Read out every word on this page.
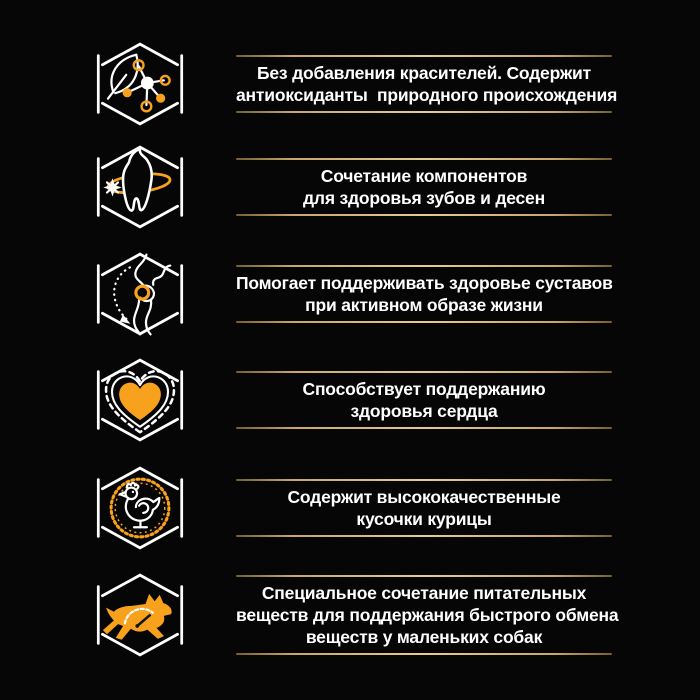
Без добавления красителей. Содержит
антиоксиданты  природного происхождения
Сочетание компонентов
для здоровья зубов и десен
Помогает поддерживать здоровье суставов
при активном образе жизни
Способствует поддержанию
здоровья сердца
Содержит высококачественные
кусочки курицы
Специальное сочетание питательных
веществ для поддержания быстрого обмена
веществ у маленьких собак
